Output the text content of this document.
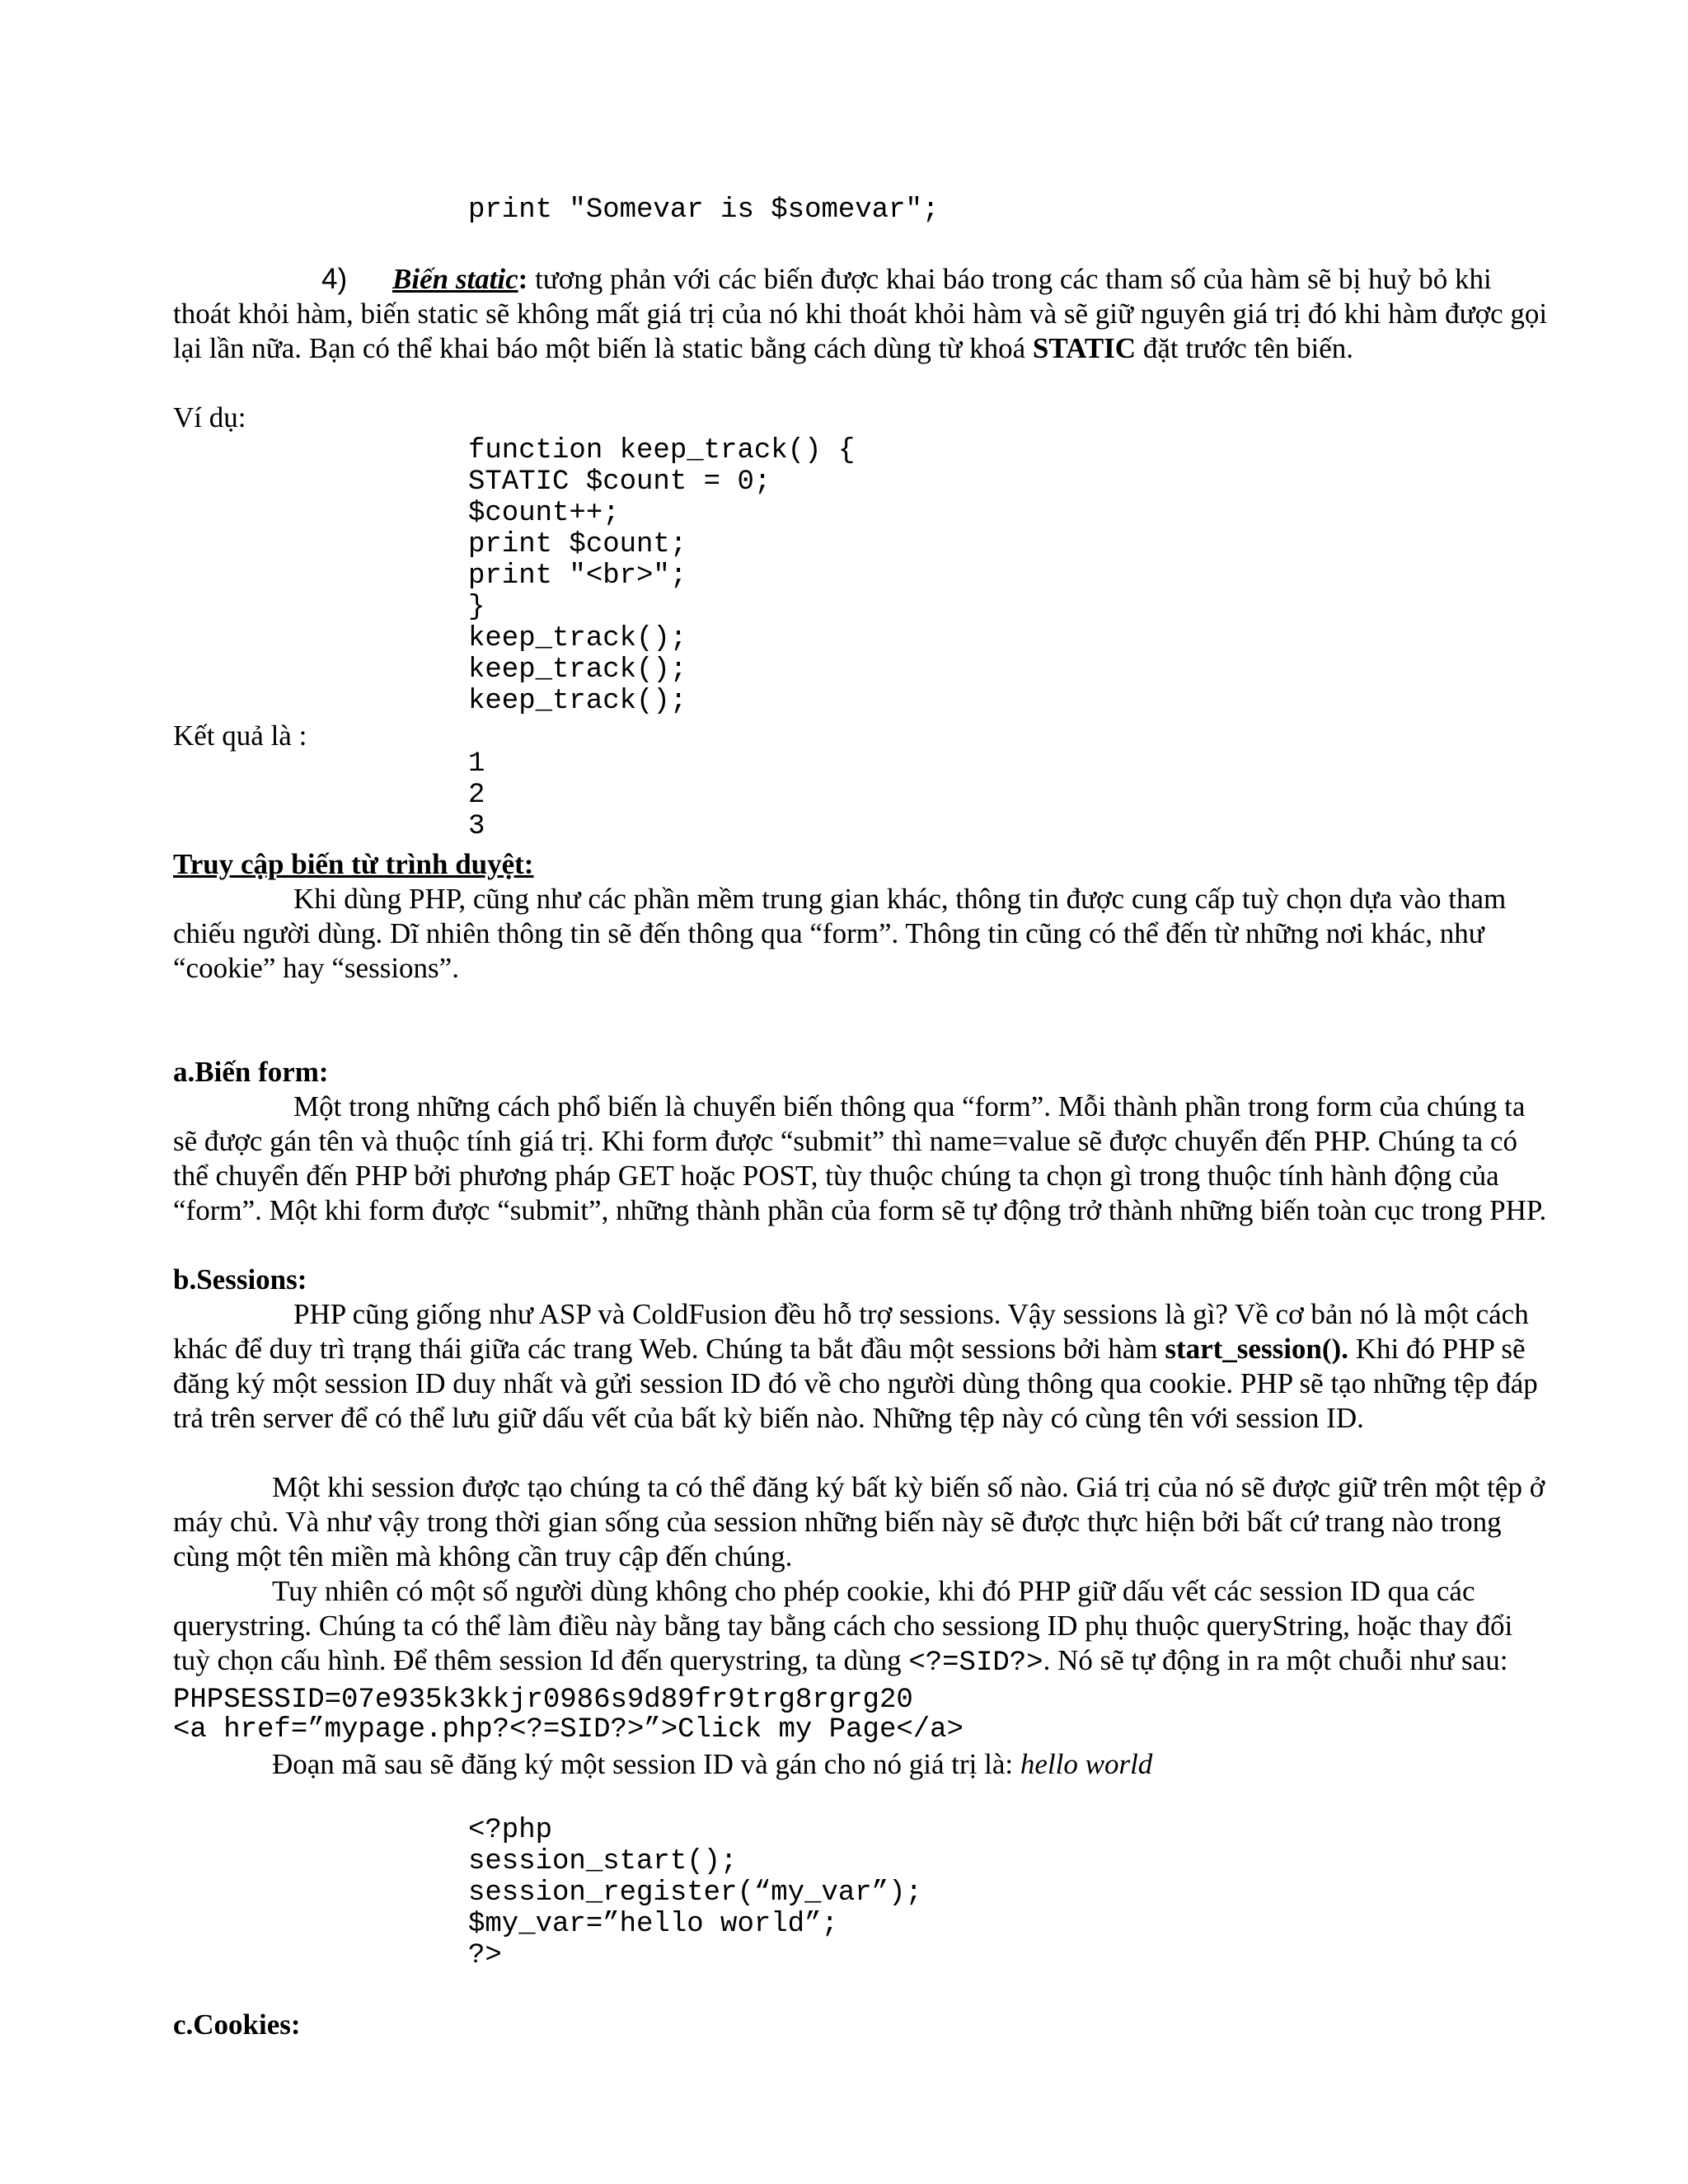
print "Somevar is $somevar";
4)	Biến static: tương phản với các biến được khai báo trong các tham số của hàm sẽ bị huỷ bỏ khi thoát khỏi hàm, biến static sẽ không mất giá trị của nó khi thoát khỏi hàm và sẽ giữ nguyên giá trị đó khi hàm được gọi lại lần nữa. Bạn có thể khai báo một biến là static bằng cách dùng từ khoá STATIC đặt trước tên biến.

Ví dụ:

function keep_track() {
STATIC $count = 0;
$count++;
print $count;
print "<br>";
}
keep_track();
keep_track();
keep_track();

Kết quả là :

1
2
3

Truy cập biến từ trình duyệt:

Khi dùng PHP, cũng như các phần mềm trung gian khác, thông tin được cung cấp tuỳ chọn dựa vào tham chiếu người dùng. Dĩ nhiên thông tin sẽ đến thông qua “form”. Thông tin cũng có thể đến từ những nơi khác, như “cookie” hay “sessions”.

a.Biến form:

Một trong những cách phổ biến là chuyển biến thông qua “form”. Mỗi thành phần trong form của chúng ta sẽ được gán tên và thuộc tính giá trị. Khi form được “submit” thì name=value sẽ được chuyển đến PHP. Chúng ta có thể chuyển đến PHP bởi phương pháp GET hoặc POST, tùy thuộc chúng ta chọn gì trong thuộc tính hành động của “form”. Một khi form được “submit”, những thành phần của form sẽ tự động trở thành những biến toàn cục trong PHP.

b.Sessions:

PHP cũng giống như ASP và ColdFusion đều hỗ trợ sessions. Vậy sessions là gì? Về cơ bản nó là một cách khác để duy trì trạng thái giữa các trang Web. Chúng ta bắt đầu một sessions bởi hàm start_session(). Khi đó PHP sẽ đăng ký một session ID duy nhất và gửi session ID đó về cho người dùng thông qua cookie. PHP sẽ tạo những tệp đáp trả trên server để có thể lưu giữ dấu vết của bất kỳ biến nào. Những tệp này có cùng tên với session ID.

Một khi session được tạo chúng ta có thể đăng ký bất kỳ biến số nào. Giá trị của nó sẽ được giữ trên một tệp ở máy chủ. Và như vậy trong thời gian sống của session những biến này sẽ được thực hiện bởi bất cứ trang nào trong cùng một tên miền mà không cần truy cập đến chúng.

Tuy nhiên có một số người dùng không cho phép cookie, khi đó PHP giữ dấu vết các session ID qua các querystring. Chúng ta có thể làm điều này bằng tay bằng cách cho sessiong ID phụ thuộc queryString, hoặc thay đổi tuỳ chọn cấu hình. Để thêm session Id đến querystring, ta dùng <?=SID?>. Nó sẽ tự động in ra một chuỗi như sau: PHPSESSID=07e935k3kkjr0986s9d89fr9trg8rgrg20

<a href=”mypage.php?<?=SID?>”>Click my Page</a>

Đoạn mã sau sẽ đăng ký một session ID và gán cho nó giá trị là: hello world

<?php
session_start();
session_register(“my_var”);
$my_var=”hello world”;
?>

c.Cookies:
